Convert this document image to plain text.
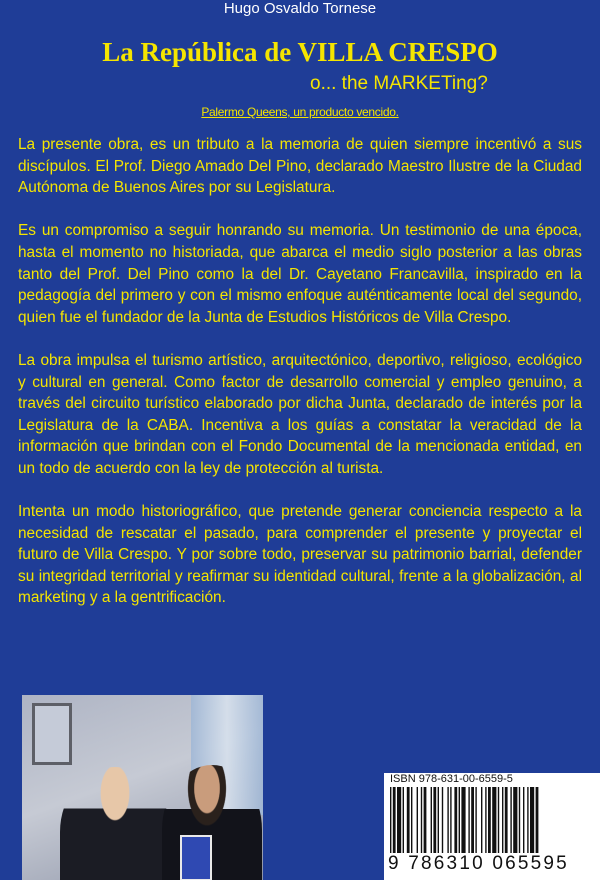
Hugo Osvaldo Tornese
La República de VILLA CRESPO
o... the MARKETing?
Palermo Queens, un producto vencido.

La presente obra, es un tributo a la memoria de quien siempre incentivó a sus discípulos. El Prof. Diego Amado Del Pino, declarado Maestro Ilustre de la Ciudad Autónoma de Buenos Aires por su Legislatura.

Es un compromiso a seguir honrando su memoria. Un testimonio de una época, hasta el momento no historiada, que abarca el medio siglo posterior a las obras tanto del Prof. Del Pino como la del Dr. Cayetano Francavilla, inspirado en la pedagogía del primero y con el mismo enfoque auténticamente local del segundo, quien fue el fundador de la Junta de Estudios Históricos de Villa Crespo.

La obra impulsa el turismo artístico, arquitectónico, deportivo, religioso, ecológico y cultural en general. Como factor de desarrollo comercial y empleo genuino, a través del circuito turístico elaborado por dicha Junta, declarado de interés por la Legislatura de la CABA. Incentiva a los guías a constatar la veracidad de la información que brindan con el Fondo Documental de la mencionada entidad, en un todo de acuerdo con la ley de protección al turista.

Intenta un modo historiográfico, que pretende generar conciencia respecto a la necesidad de rescatar el pasado, para comprender el presente y proyectar el futuro de Villa Crespo. Y por sobre todo, preservar su patrimonio barrial, defender su integridad territorial y reafirmar su identidad cultural, frente a la globalización, al marketing y a la gentrificación.

ISBN 978-631-00-6559-5
9 786310 065595
